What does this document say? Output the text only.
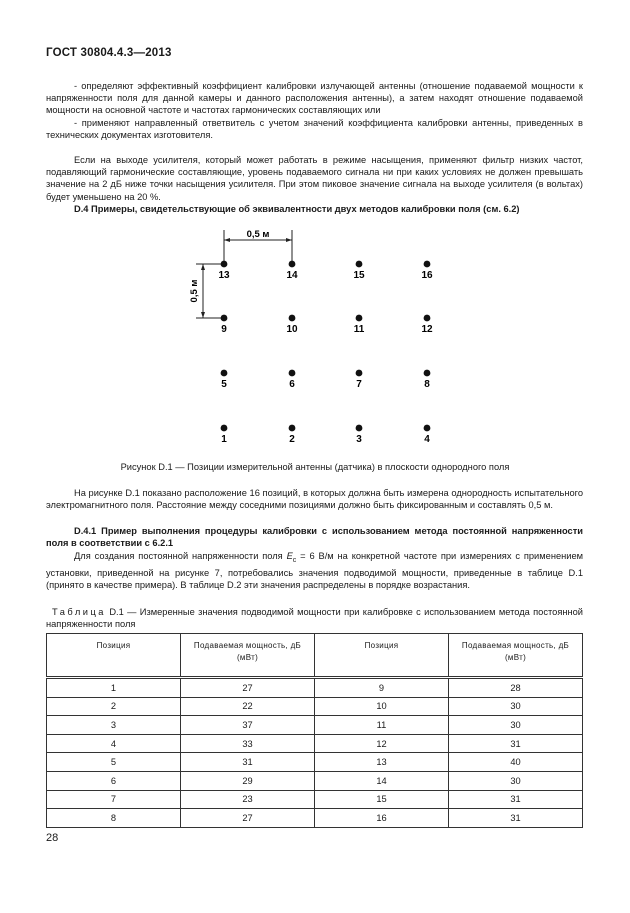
ГОСТ 30804.4.3—2013

- определяют эффективный коэффициент калибровки излучающей антенны (отношение подаваемой мощности к напряженности поля для данной камеры и данного расположения антенны), а затем находят отношение подаваемой мощности на основной частоте и частотах гармонических составляющих или

- применяют направленный ответвитель с учетом значений коэффициента калибровки антенны, приведенных в технических документах изготовителя.

Если на выходе усилителя, который может работать в режиме насыщения, применяют фильтр низких частот, подавляющий гармонические составляющие, уровень подаваемого сигнала ни при каких условиях не должен превышать значение на 2 дБ ниже точки насыщения усилителя. При этом пиковое значение сигнала на выходе усилителя (в вольтах) будет уменьшено на 20 %.

D.4 Примеры, свидетельствующие об эквивалентности двух методов калибровки поля (см. 6.2)

0,5 м
0,5 м
13	14	15	16
9	10	11	12
5	6	7	8
1	2	3	4
Рисунок D.1 — Позиции измерительной антенны (датчика) в плоскости однородного поля

На рисунке D.1 показано расположение 16 позиций, в которых должна быть измерена однородность испытательного электромагнитного поля. Расстояние между соседними позициями должно быть фиксированным и составлять 0,5 м.

D.4.1 Пример выполнения процедуры калибровки с использованием метода постоянной напряженности поля в соответствии с 6.2.1

Для создания постоянной напряженности поля $E_c = 6$ В/м на конкретной частоте при измерениях с применением установки, приведенной на рисунке 7, потребовались значения подводимой мощности, приведенные в таблице D.1 (принято в качестве примера). В таблице D.2 эти значения распределены в порядке возрастания.

Таблица D.1 — Измеренные значения подводимой мощности при калибровке с использованием метода постоянной напряженности поля

Позиция	Подаваемая мощность, дБ (мВт)	Позиция	Подаваемая мощность, дБ (мВт)
1	27	9	28
2	22	10	30
3	37	11	30
4	33	12	31
5	31	13	40
6	29	14	30
7	23	15	31
8	27	16	31
28
